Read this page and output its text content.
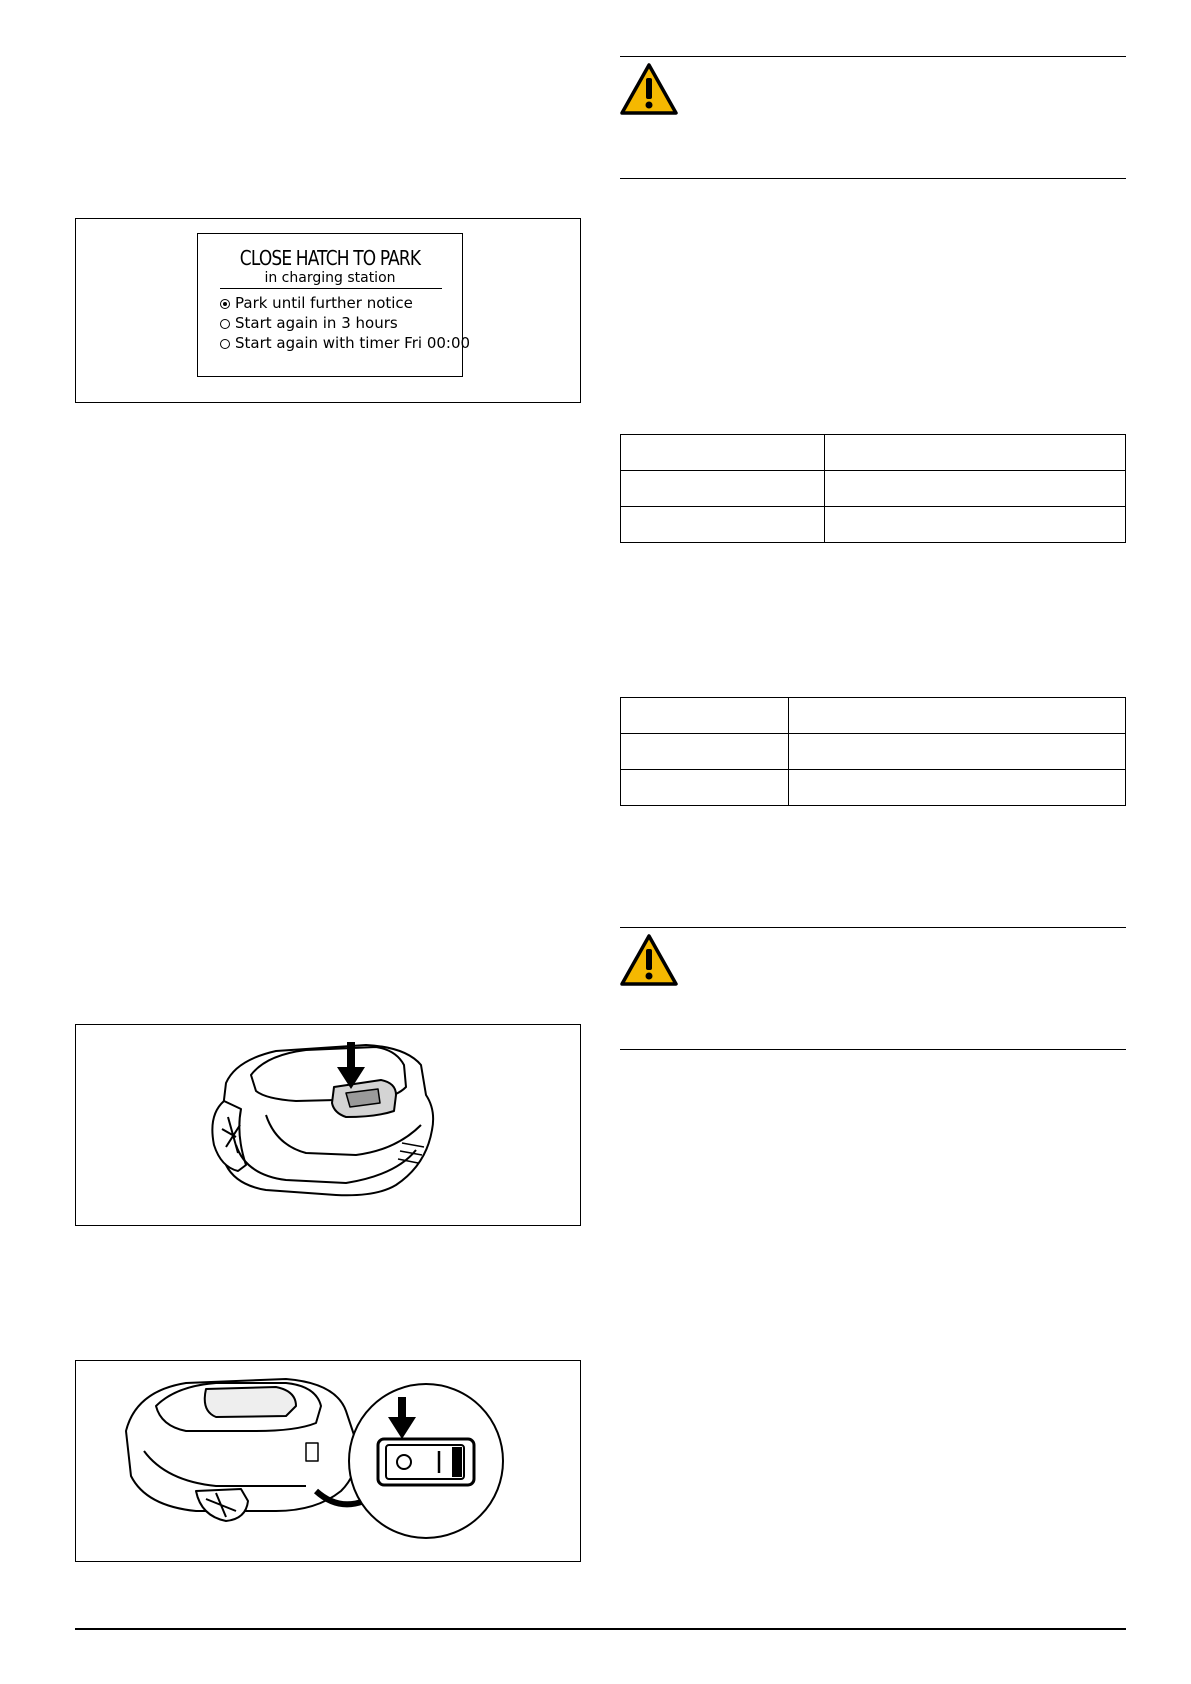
CLOSE HATCH TO PARK
in charging station
Park until further notice
Start again in 3 hours
Start again with timer Fri 00:00
